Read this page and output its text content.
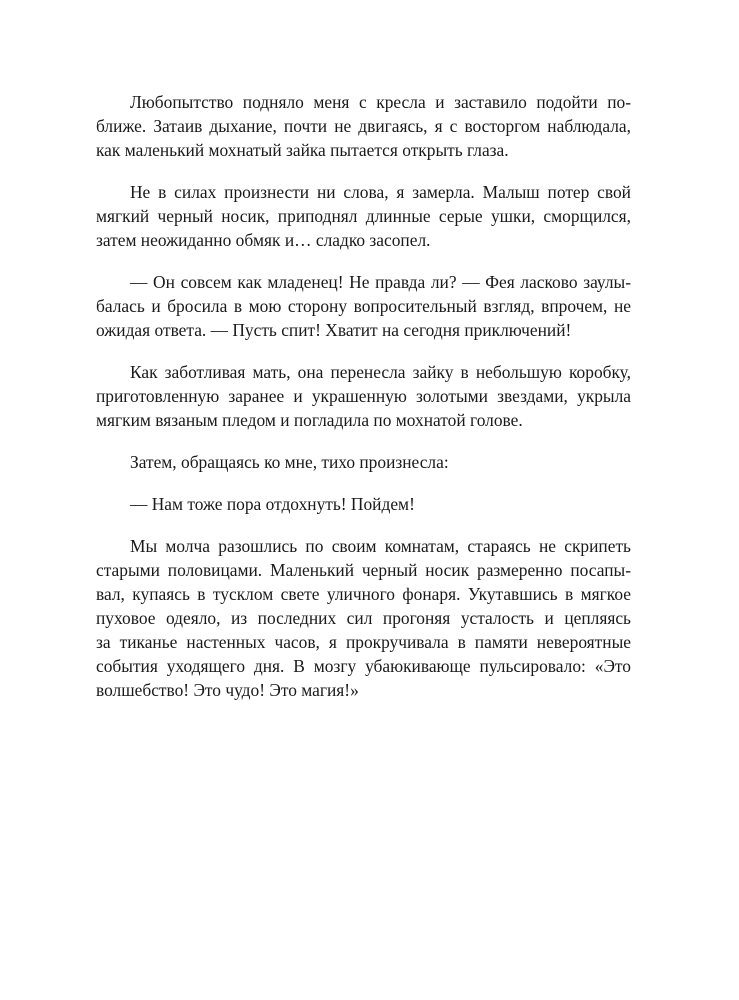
Любопытство подняло меня с кресла и заставило подойти по-
ближе. Затаив дыхание, почти не двигаясь, я с восторгом наблюдала,
как маленький мохнатый зайка пытается открыть глаза.
Не в силах произнести ни слова, я замерла. Малыш потер свой
мягкий черный носик, приподнял длинные серые ушки, сморщился,
затем неожиданно обмяк и… сладко засопел.
— Он совсем как младенец! Не правда ли? — Фея ласково заулы-
балась и бросила в мою сторону вопросительный взгляд, впрочем, не
ожидая ответа. — Пусть спит! Хватит на сегодня приключений!
Как заботливая мать, она перенесла зайку в небольшую коробку,
приготовленную заранее и украшенную золотыми звездами, укрыла
мягким вязаным пледом и погладила по мохнатой голове.
Затем, обращаясь ко мне, тихо произнесла:
— Нам тоже пора отдохнуть! Пойдем!
Мы молча разошлись по своим комнатам, стараясь не скрипеть
старыми половицами. Маленький черный носик размеренно посапы-
вал, купаясь в тусклом свете уличного фонаря. Укутавшись в мягкое
пуховое одеяло, из последних сил прогоняя усталость и цепляясь
за тиканье настенных часов, я прокручивала в памяти невероятные
события уходящего дня. В мозгу убаюкивающе пульсировало: «Это
волшебство! Это чудо! Это магия!»
